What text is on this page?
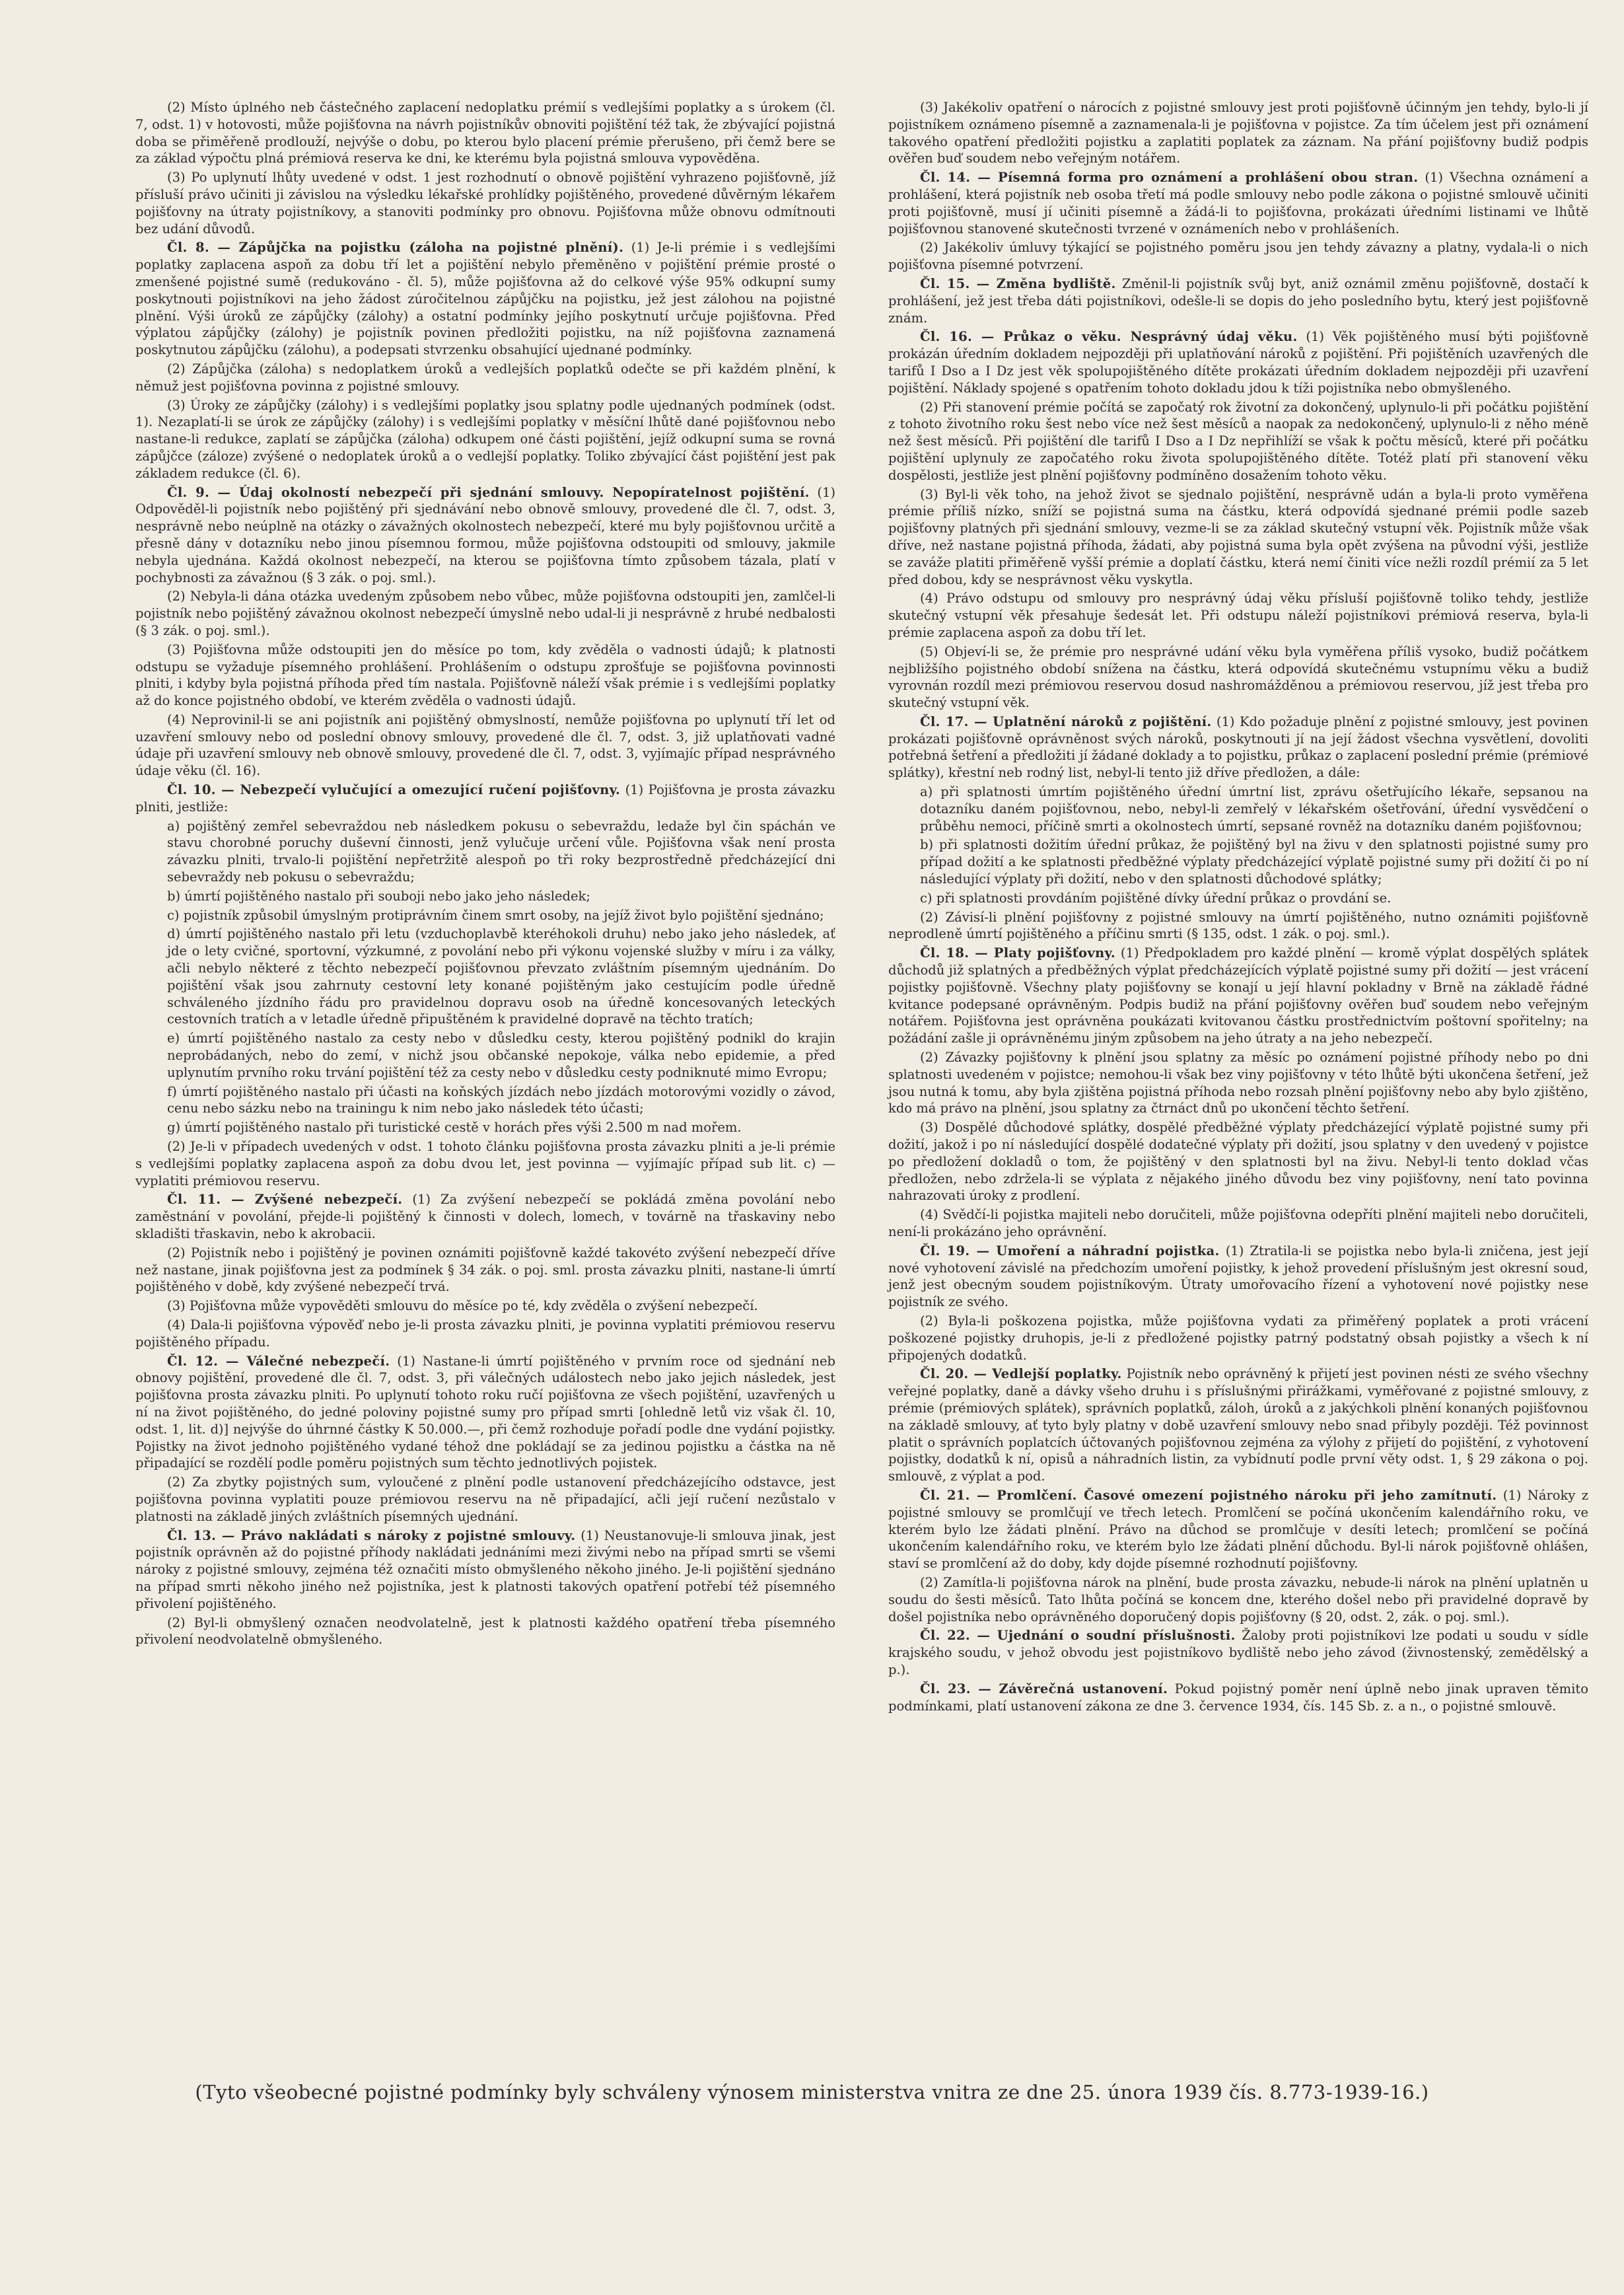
(2) Místo úplného neb částečného zaplacení nedoplatku prémií s vedlejšími poplatky a s úrokem (čl. 7, odst. 1) v hotovosti, může pojišťovna na návrh pojistníkův obnoviti pojištění též tak, že zbývající pojistná doba se přiměřeně prodlouží, nejvýše o dobu, po kterou bylo placení prémie přerušeno, při čemž bere se za základ výpočtu plná prémiová reserva ke dni, ke kterému byla pojistná smlouva vypověděna.

(3) Po uplynutí lhůty uvedené v odst. 1 jest rozhodnutí o obnově pojištění vyhrazeno pojišťovně, jíž přísluší právo učiniti ji závislou na výsledku lékařské prohlídky pojištěného, provedené důvěrným lékařem pojišťovny na útraty pojistníkovy, a stanoviti podmínky pro obnovu. Pojišťovna může obnovu odmítnouti bez udání důvodů.

Čl. 8. — Zápůjčka na pojistku (záloha na pojistné plnění). (1) Je-li prémie i s vedlejšími poplatky zaplacena aspoň za dobu tří let a pojištění nebylo přeměněno v pojištění prémie prosté o zmenšené pojistné sumě (redukováno - čl. 5), může pojišťovna až do celkové výše 95% odkupní sumy poskytnouti pojistníkovi na jeho žádost zúročitelnou zápůjčku na pojistku, jež jest zálohou na pojistné plnění. Výši úroků ze zápůjčky (zálohy) a ostatní podmínky jejího poskytnutí určuje pojišťovna. Před výplatou zápůjčky (zálohy) je pojistník povinen předložiti pojistku, na níž pojišťovna zaznamená poskytnutou zápůjčku (zálohu), a podepsati stvrzenku obsahující ujednané podmínky.

(2) Zápůjčka (záloha) s nedoplatkem úroků a vedlejších poplatků odečte se při každém plnění, k němuž jest pojišťovna povinna z pojistné smlouvy.

(3) Úroky ze zápůjčky (zálohy) i s vedlejšími poplatky jsou splatny podle ujednaných podmínek (odst. 1). Nezaplatí-li se úrok ze zápůjčky (zálohy) i s vedlejšími poplatky v měsíční lhůtě dané pojišťovnou nebo nastane-li redukce, zaplatí se zápůjčka (záloha) odkupem oné části pojištění, jejíž odkupní suma se rovná zápůjčce (záloze) zvýšené o nedoplatek úroků a o vedlejší poplatky. Toliko zbývající část pojištění jest pak základem redukce (čl. 6).

Čl. 9. — Údaj okolností nebezpečí při sjednání smlouvy. Nepopíratelnost pojištění. (1) Odpověděl-li pojistník nebo pojištěný při sjednávání nebo obnově smlouvy, provedené dle čl. 7, odst. 3, nesprávně nebo neúplně na otázky o závažných okolnostech nebezpečí, které mu byly pojišťovnou určitě a přesně dány v dotazníku nebo jinou písemnou formou, může pojišťovna odstoupiti od smlouvy, jakmile nebyla ujednána. Každá okolnost nebezpečí, na kterou se pojišťovna tímto způsobem tázala, platí v pochybnosti za závažnou (§ 3 zák. o poj. sml.).

(2) Nebyla-li dána otázka uvedeným způsobem nebo vůbec, může pojišťovna odstoupiti jen, zamlčel-li pojistník nebo pojištěný závažnou okolnost nebezpečí úmyslně nebo udal-li ji nesprávně z hrubé nedbalosti (§ 3 zák. o poj. sml.).

(3) Pojišťovna může odstoupiti jen do měsíce po tom, kdy zvěděla o vadnosti údajů; k platnosti odstupu se vyžaduje písemného prohlášení. Prohlášením o odstupu zprošťuje se pojišťovna povinnosti plniti, i kdyby byla pojistná příhoda před tím nastala. Pojišťovně náleží však prémie i s vedlejšími poplatky až do konce pojistného období, ve kterém zvěděla o vadnosti údajů.

(4) Neprovinil-li se ani pojistník ani pojištěný obmyslností, nemůže pojišťovna po uplynutí tří let od uzavření smlouvy nebo od poslední obnovy smlouvy, provedené dle čl. 7, odst. 3, již uplatňovati vadné údaje při uzavření smlouvy neb obnově smlouvy, provedené dle čl. 7, odst. 3, vyjímajíc případ nesprávného údaje věku (čl. 16).

Čl. 10. — Nebezpečí vylučující a omezující ručení pojišťovny. (1) Pojišťovna je prosta závazku plniti, jestliže:

a) pojištěný zemřel sebevraždou neb následkem pokusu o sebevraždu, ledaže byl čin spáchán ve stavu chorobné poruchy duševní činnosti, jenž vylučuje určení vůle. Pojišťovna však není prosta závazku plniti, trvalo-li pojištění nepřetržitě alespoň po tři roky bezprostředně předcházející dni sebevraždy neb pokusu o sebevraždu;

b) úmrtí pojištěného nastalo při souboji nebo jako jeho následek;

c) pojistník způsobil úmyslným protiprávním činem smrt osoby, na jejíž život bylo pojištění sjednáno;

d) úmrtí pojištěného nastalo při letu (vzduchoplavbě kteréhokoli druhu) nebo jako jeho následek, ať jde o lety cvičné, sportovní, výzkumné, z povolání nebo při výkonu vojenské služby v míru i za války, ačli nebylo některé z těchto nebezpečí pojišťovnou převzato zvláštním písemným ujednáním. Do pojištění však jsou zahrnuty cestovní lety konané pojištěným jako cestujícím podle úředně schváleného jízdního řádu pro pravidelnou dopravu osob na úředně koncesovaných leteckých cestovních tratích a v letadle úředně připuštěném k pravidelné dopravě na těchto tratích;

e) úmrtí pojištěného nastalo za cesty nebo v důsledku cesty, kterou pojištěný podnikl do krajin neprobádaných, nebo do zemí, v nichž jsou občanské nepokoje, válka nebo epidemie, a před uplynutím prvního roku trvání pojištění též za cesty nebo v důsledku cesty podniknuté mimo Evropu;

f) úmrtí pojištěného nastalo při účasti na koňských jízdách nebo jízdách motorovými vozidly o závod, cenu nebo sázku nebo na trainingu k nim nebo jako následek této účasti;

g) úmrtí pojištěného nastalo při turistické cestě v horách přes výši 2.500 m nad mořem.

(2) Je-li v případech uvedených v odst. 1 tohoto článku pojišťovna prosta závazku plniti a je-li prémie s vedlejšími poplatky zaplacena aspoň za dobu dvou let, jest povinna — vyjímajíc případ sub lit. c) — vyplatiti prémiovou reservu.

Čl. 11. — Zvýšené nebezpečí. (1) Za zvýšení nebezpečí se pokládá změna povolání nebo zaměstnání v povolání, přejde-li pojištěný k činnosti v dolech, lomech, v továrně na třaskaviny nebo skladišti třaskavin, nebo k akrobacii.

(2) Pojistník nebo i pojištěný je povinen oznámiti pojišťovně každé takovéto zvýšení nebezpečí dříve než nastane, jinak pojišťovna jest za podmínek § 34 zák. o poj. sml. prosta závazku plniti, nastane-li úmrtí pojištěného v době, kdy zvýšené nebezpečí trvá.

(3) Pojišťovna může vypověděti smlouvu do měsíce po té, kdy zvěděla o zvýšení nebezpečí.

(4) Dala-li pojišťovna výpověď nebo je-li prosta závazku plniti, je povinna vyplatiti prémiovou reservu pojištěného případu.

Čl. 12. — Válečné nebezpečí. (1) Nastane-li úmrtí pojištěného v prvním roce od sjednání neb obnovy pojištění, provedené dle čl. 7, odst. 3, při válečných událostech nebo jako jejich následek, jest pojišťovna prosta závazku plniti. Po uplynutí tohoto roku ručí pojišťovna ze všech pojištění, uzavřených u ní na život pojištěného, do jedné poloviny pojistné sumy pro případ smrti [ohledně letů viz však čl. 10, odst. 1, lit. d)] nejvýše do úhrnné částky K 50.000.—, při čemž rozhoduje pořadí podle dne vydání pojistky. Pojistky na život jednoho pojištěného vydané téhož dne pokládají se za jedinou pojistku a částka na ně připadající se rozdělí podle poměru pojistných sum těchto jednotlivých pojistek.

(2) Za zbytky pojistných sum, vyloučené z plnění podle ustanovení předcházejícího odstavce, jest pojišťovna povinna vyplatiti pouze prémiovou reservu na ně připadající, ačli její ručení nezůstalo v platnosti na základě jiných zvláštních písemných ujednání.

Čl. 13. — Právo nakládati s nároky z pojistné smlouvy. (1) Neustanovuje-li smlouva jinak, jest pojistník oprávněn až do pojistné příhody nakládati jednáními mezi živými nebo na případ smrti se všemi nároky z pojistné smlouvy, zejména též označiti místo obmyšleného někoho jiného. Je-li pojištění sjednáno na případ smrti někoho jiného než pojistníka, jest k platnosti takových opatření potřebí též písemného přivolení pojištěného.

(2) Byl-li obmyšlený označen neodvolatelně, jest k platnosti každého opatření třeba písemného přivolení neodvolatelně obmyšleného.

(3) Jakékoliv opatření o nárocích z pojistné smlouvy jest proti pojišťovně účinným jen tehdy, bylo-li jí pojistníkem oznámeno písemně a zaznamenala-li je pojišťovna v pojistce. Za tím účelem jest při oznámení takového opatření předložiti pojistku a zaplatiti poplatek za záznam. Na přání pojišťovny budiž podpis ověřen buď soudem nebo veřejným notářem.

Čl. 14. — Písemná forma pro oznámení a prohlášení obou stran. (1) Všechna oznámení a prohlášení, která pojistník neb osoba třetí má podle smlouvy nebo podle zákona o pojistné smlouvě učiniti proti pojišťovně, musí jí učiniti písemně a žádá-li to pojišťovna, prokázati úředními listinami ve lhůtě pojišťovnou stanovené skutečnosti tvrzené v oznámeních nebo v prohlášeních.

(2) Jakékoliv úmluvy týkající se pojistného poměru jsou jen tehdy závazny a platny, vydala-li o nich pojišťovna písemné potvrzení.

Čl. 15. — Změna bydliště. Změnil-li pojistník svůj byt, aniž oznámil změnu pojišťovně, dostačí k prohlášení, jež jest třeba dáti pojistníkovi, odešle-li se dopis do jeho posledního bytu, který jest pojišťovně znám.

Čl. 16. — Průkaz o věku. Nesprávný údaj věku. (1) Věk pojištěného musí býti pojišťovně prokázán úředním dokladem nejpozději při uplatňování nároků z pojištění. Při pojištěních uzavřených dle tarifů I Dso a I Dz jest věk spolupojištěného dítěte prokázati úředním dokladem nejpozději při uzavření pojištění. Náklady spojené s opatřením tohoto dokladu jdou k tíži pojistníka nebo obmyšleného.

(2) Při stanovení prémie počítá se započatý rok životní za dokončený, uplynulo-li při počátku pojištění z tohoto životního roku šest nebo více než šest měsíců a naopak za nedokončený, uplynulo-li z něho méně než šest měsíců. Při pojištění dle tarifů I Dso a I Dz nepřihlíží se však k počtu měsíců, které při počátku pojištění uplynuly ze započatého roku života spolupojištěného dítěte. Totéž platí při stanovení věku dospělosti, jestliže jest plnění pojišťovny podmíněno dosažením tohoto věku.

(3) Byl-li věk toho, na jehož život se sjednalo pojištění, nesprávně udán a byla-li proto vyměřena prémie příliš nízko, sníží se pojistná suma na částku, která odpovídá sjednané prémii podle sazeb pojišťovny platných při sjednání smlouvy, vezme-li se za základ skutečný vstupní věk. Pojistník může však dříve, než nastane pojistná příhoda, žádati, aby pojistná suma byla opět zvýšena na původní výši, jestliže se zaváže platiti přiměřeně vyšší prémie a doplatí částku, která nemí činiti více nežli rozdíl prémií za 5 let před dobou, kdy se nesprávnost věku vyskytla.

(4) Právo odstupu od smlouvy pro nesprávný údaj věku přísluší pojišťovně toliko tehdy, jestliže skutečný vstupní věk přesahuje šedesát let. Při odstupu náleží pojistníkovi prémiová reserva, byla-li prémie zaplacena aspoň za dobu tří let.

(5) Objeví-li se, že prémie pro nesprávné udání věku byla vyměřena příliš vysoko, budiž počátkem nejbližšího pojistného období snížena na částku, která odpovídá skutečnému vstupnímu věku a budiž vyrovnán rozdíl mezi prémiovou reservou dosud nashromážděnou a prémiovou reservou, jíž jest třeba pro skutečný vstupní věk.

Čl. 17. — Uplatnění nároků z pojištění. (1) Kdo požaduje plnění z pojistné smlouvy, jest povinen prokázati pojišťovně oprávněnost svých nároků, poskytnouti jí na její žádost všechna vysvětlení, dovoliti potřebná šetření a předložiti jí žádané doklady a to pojistku, průkaz o zaplacení poslední prémie (prémiové splátky), křestní neb rodný list, nebyl-li tento již dříve předložen, a dále:

a) při splatnosti úmrtím pojištěného úřední úmrtní list, zprávu ošetřujícího lékaře, sepsanou na dotazníku daném pojišťovnou, nebo, nebyl-li zemřelý v lékařském ošetřování, úřední vysvědčení o průběhu nemoci, příčině smrti a okolnostech úmrtí, sepsané rovněž na dotazníku daném pojišťovnou;

b) při splatnosti dožitím úřední průkaz, že pojištěný byl na živu v den splatnosti pojistné sumy pro případ dožití a ke splatnosti předběžné výplaty předcházející výplatě pojistné sumy při dožití či po ní následující výplaty při dožití, nebo v den splatnosti důchodové splátky;

c) při splatnosti provdáním pojištěné dívky úřední průkaz o provdání se.

(2) Závisí-li plnění pojišťovny z pojistné smlouvy na úmrtí pojištěného, nutno oznámiti pojišťovně neprodleně úmrtí pojištěného a příčinu smrti (§ 135, odst. 1 zák. o poj. sml.).

Čl. 18. — Platy pojišťovny. (1) Předpokladem pro každé plnění — kromě výplat dospělých splátek důchodů již splatných a předběžných výplat předcházejících výplatě pojistné sumy při dožití — jest vrácení pojistky pojišťovně. Všechny platy pojišťovny se konají u její hlavní pokladny v Brně na základě řádné kvitance podepsané oprávněným. Podpis budiž na přání pojišťovny ověřen buď soudem nebo veřejným notářem. Pojišťovna jest oprávněna poukázati kvitovanou částku prostřednictvím poštovní spořitelny; na požádání zašle ji oprávněnému jiným způsobem na jeho útraty a na jeho nebezpečí.

(2) Závazky pojišťovny k plnění jsou splatny za měsíc po oznámení pojistné příhody nebo po dni splatnosti uvedeném v pojistce; nemohou-li však bez viny pojišťovny v této lhůtě býti ukončena šetření, jež jsou nutná k tomu, aby byla zjištěna pojistná příhoda nebo rozsah plnění pojišťovny nebo aby bylo zjištěno, kdo má právo na plnění, jsou splatny za čtrnáct dnů po ukončení těchto šetření.

(3) Dospělé důchodové splátky, dospělé předběžné výplaty předcházející výplatě pojistné sumy při dožití, jakož i po ní následující dospělé dodatečné výplaty při dožití, jsou splatny v den uvedený v pojistce po předložení dokladů o tom, že pojištěný v den splatnosti byl na živu. Nebyl-li tento doklad včas předložen, nebo zdržela-li se výplata z nějakého jiného důvodu bez viny pojišťovny, není tato povinna nahrazovati úroky z prodlení.

(4) Svědčí-li pojistka majiteli nebo doručiteli, může pojišťovna odepříti plnění majiteli nebo doručiteli, není-li prokázáno jeho oprávnění.

Čl. 19. — Umoření a náhradní pojistka. (1) Ztratila-li se pojistka nebo byla-li zničena, jest její nové vyhotovení závislé na předchozím umoření pojistky, k jehož provedení příslušným jest okresní soud, jenž jest obecným soudem pojistníkovým. Útraty umořovacího řízení a vyhotovení nové pojistky nese pojistník ze svého.

(2) Byla-li poškozena pojistka, může pojišťovna vydati za přiměřený poplatek a proti vrácení poškozené pojistky druhopis, je-li z předložené pojistky patrný podstatný obsah pojistky a všech k ní připojených dodatků.

Čl. 20. — Vedlejší poplatky. Pojistník nebo oprávněný k přijetí jest povinen nésti ze svého všechny veřejné poplatky, daně a dávky všeho druhu i s příslušnými přirážkami, vyměřované z pojistné smlouvy, z prémie (prémiových splátek), správních poplatků, záloh, úroků a z jakýchkoli plnění konaných pojišťovnou na základě smlouvy, ať tyto byly platny v době uzavření smlouvy nebo snad přibyly později. Též povinnost platit o správních poplatcích účtovaných pojišťovnou zejména za výlohy z přijetí do pojištění, z vyhotovení pojistky, dodatků k ní, opisů a náhradních listin, za vybídnutí podle první věty odst. 1, § 29 zákona o poj. smlouvě, z výplat a pod.

Čl. 21. — Promlčení. Časové omezení pojistného nároku při jeho zamítnutí. (1) Nároky z pojistné smlouvy se promlčují ve třech letech. Promlčení se počíná ukončením kalendářního roku, ve kterém bylo lze žádati plnění. Právo na důchod se promlčuje v desíti letech; promlčení se počíná ukončením kalendářního roku, ve kterém bylo lze žádati plnění důchodu. Byl-li nárok pojišťovně ohlášen, staví se promlčení až do doby, kdy dojde písemné rozhodnutí pojišťovny.

(2) Zamítla-li pojišťovna nárok na plnění, bude prosta závazku, nebude-li nárok na plnění uplatněn u soudu do šesti měsíců. Tato lhůta počíná se koncem dne, kterého došel nebo při pravidelné dopravě by došel pojistníka nebo oprávněného doporučený dopis pojišťovny (§ 20, odst. 2, zák. o poj. sml.).

Čl. 22. — Ujednání o soudní příslušnosti. Žaloby proti pojistníkovi lze podati u soudu v sídle krajského soudu, v jehož obvodu jest pojistníkovo bydliště nebo jeho závod (živnostenský, zemědělský a p.).

Čl. 23. — Závěrečná ustanovení. Pokud pojistný poměr není úplně nebo jinak upraven těmito podmínkami, platí ustanovení zákona ze dne 3. července 1934, čís. 145 Sb. z. a n., o pojistné smlouvě.

(Tyto všeobecné pojistné podmínky byly schváleny výnosem ministerstva vnitra ze dne 25. února 1939 čís. 8.773-1939-16.)
